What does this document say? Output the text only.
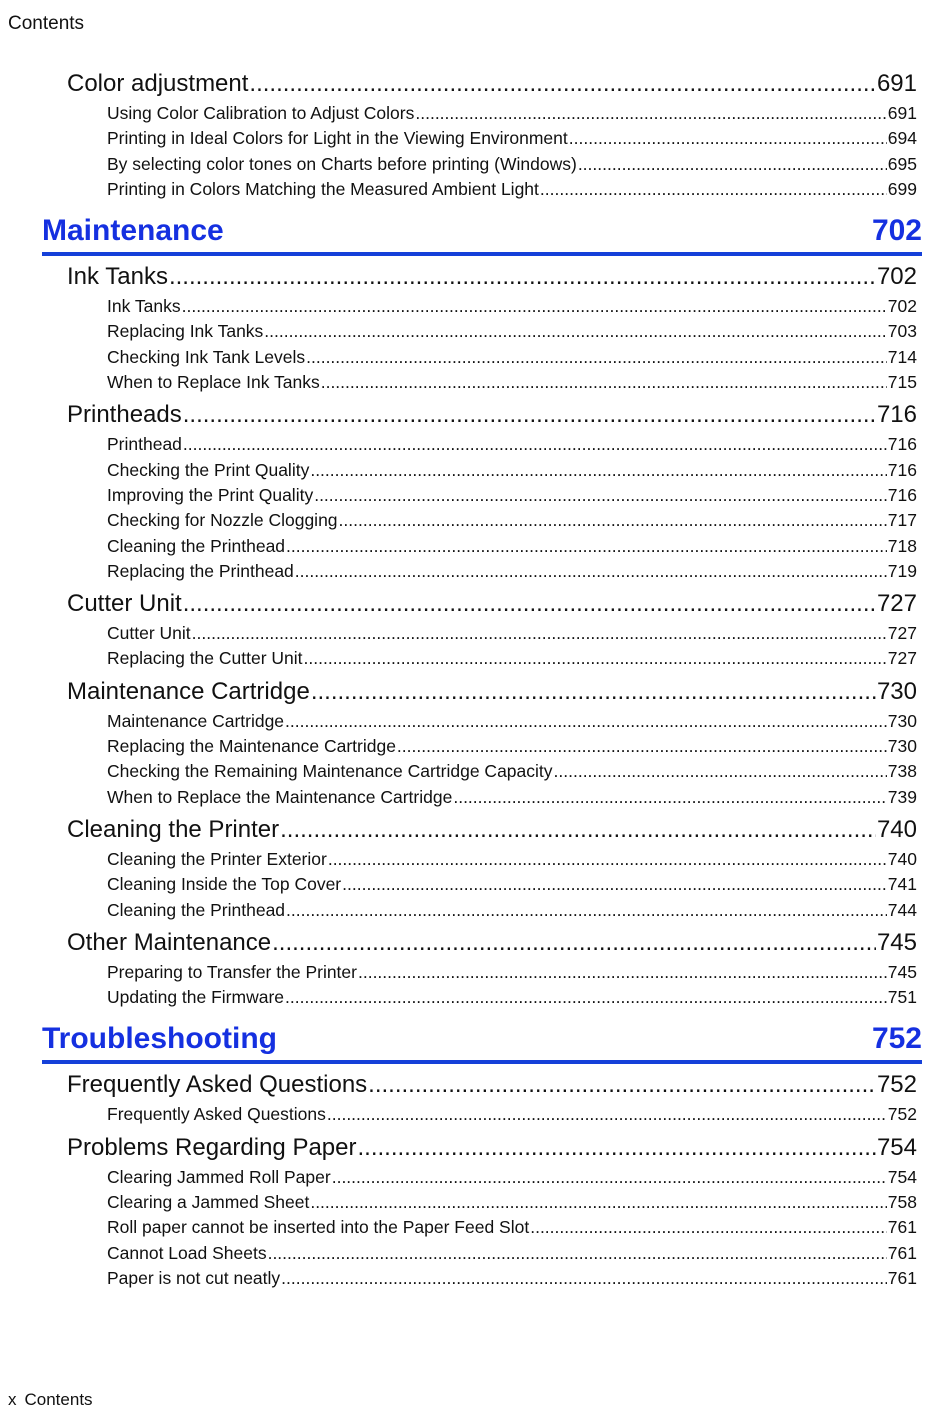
Contents
Color adjustment .....	691
Using Color Calibration to Adjust Colors .....	691
Printing in Ideal Colors for Light in the Viewing Environment .....	694
By selecting color tones on Charts before printing (Windows) .....	695
Printing in Colors Matching the Measured Ambient Light .....	699
Maintenance	702
Ink Tanks .....	702
Ink Tanks .....	702
Replacing Ink Tanks .....	703
Checking Ink Tank Levels .....	714
When to Replace Ink Tanks .....	715
Printheads .....	716
Printhead .....	716
Checking the Print Quality .....	716
Improving the Print Quality .....	716
Checking for Nozzle Clogging .....	717
Cleaning the Printhead .....	718
Replacing the Printhead .....	719
Cutter Unit .....	727
Cutter Unit .....	727
Replacing the Cutter Unit .....	727
Maintenance Cartridge .....	730
Maintenance Cartridge .....	730
Replacing the Maintenance Cartridge .....	730
Checking the Remaining Maintenance Cartridge Capacity .....	738
When to Replace the Maintenance Cartridge .....	739
Cleaning the Printer .....	740
Cleaning the Printer Exterior .....	740
Cleaning Inside the Top Cover .....	741
Cleaning the Printhead .....	744
Other Maintenance .....	745
Preparing to Transfer the Printer .....	745
Updating the Firmware .....	751
Troubleshooting	752
Frequently Asked Questions .....	752
Frequently Asked Questions .....	752
Problems Regarding Paper .....	754
Clearing Jammed Roll Paper .....	754
Clearing a Jammed Sheet .....	758
Roll paper cannot be inserted into the Paper Feed Slot .....	761
Cannot Load Sheets .....	761
Paper is not cut neatly .....	761
x Contents
